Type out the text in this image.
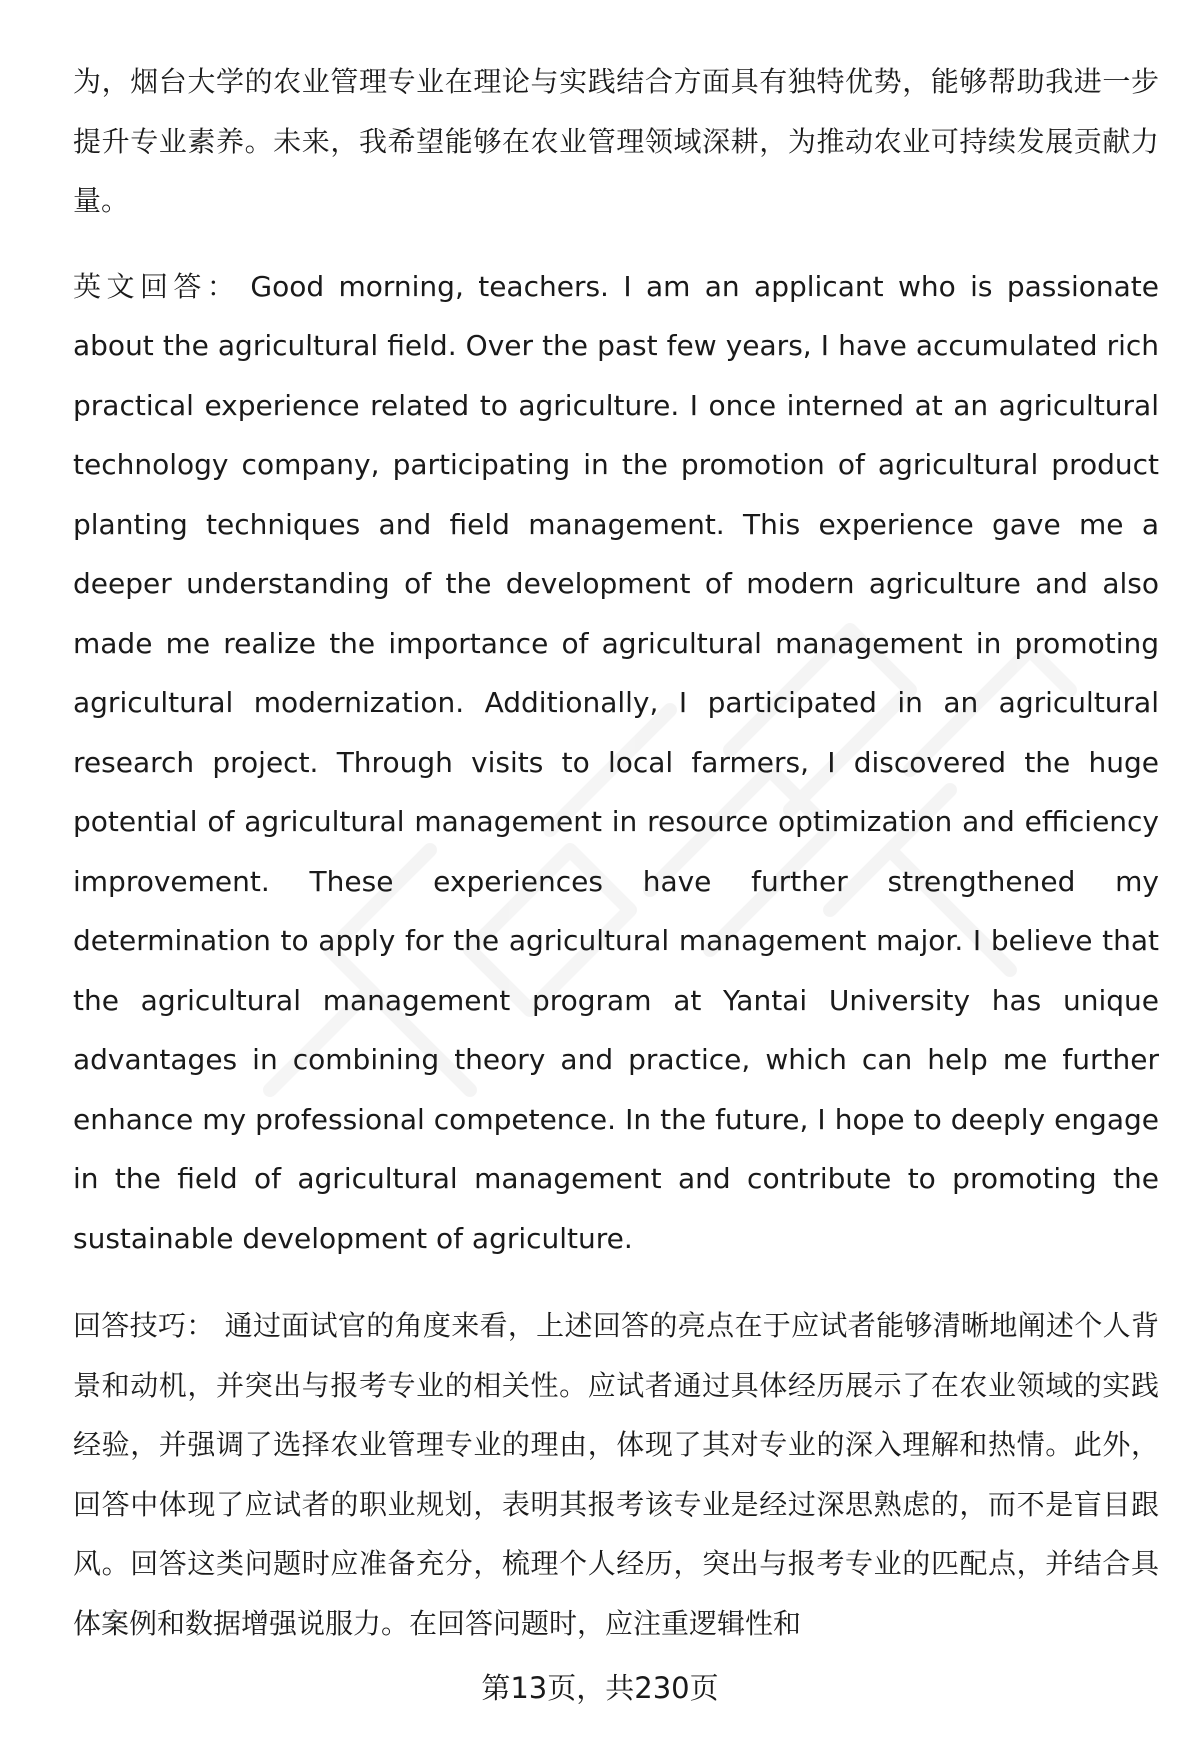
为，烟台大学的农业管理专业在理论与实践结合方面具有独特优势，能够帮助我进一步提升专业素养。未来，我希望能够在农业管理领域深耕，为推动农业可持续发展贡献力量。

英文回答： Good morning, teachers. I am an applicant who is passionate about the agricultural field. Over the past few years, I have accumulated rich practical experience related to agriculture. I once interned at an agricultural technology company, participating in the promotion of agricultural product planting techniques and field management. This experience gave me a deeper understanding of the development of modern agriculture and also made me realize the importance of agricultural management in promoting agricultural modernization. Additionally, I participated in an agricultural research project. Through visits to local farmers, I discovered the huge potential of agricultural management in resource optimization and efficiency improvement. These experiences have further strengthened my determination to apply for the agricultural management major. I believe that the agricultural management program at Yantai University has unique advantages in combining theory and practice, which can help me further enhance my professional competence. In the future, I hope to deeply engage in the field of agricultural management and contribute to promoting the sustainable development of agriculture.

回答技巧： 通过面试官的角度来看，上述回答的亮点在于应试者能够清晰地阐述个人背景和动机，并突出与报考专业的相关性。应试者通过具体经历展示了在农业领域的实践经验，并强调了选择农业管理专业的理由，体现了其对专业的深入理解和热情。此外，回答中体现了应试者的职业规划，表明其报考该专业是经过深思熟虑的，而不是盲目跟风。回答这类问题时应准备充分，梳理个人经历，突出与报考专业的匹配点，并结合具体案例和数据增强说服力。在回答问题时，应注重逻辑性和

第13页，共230页
